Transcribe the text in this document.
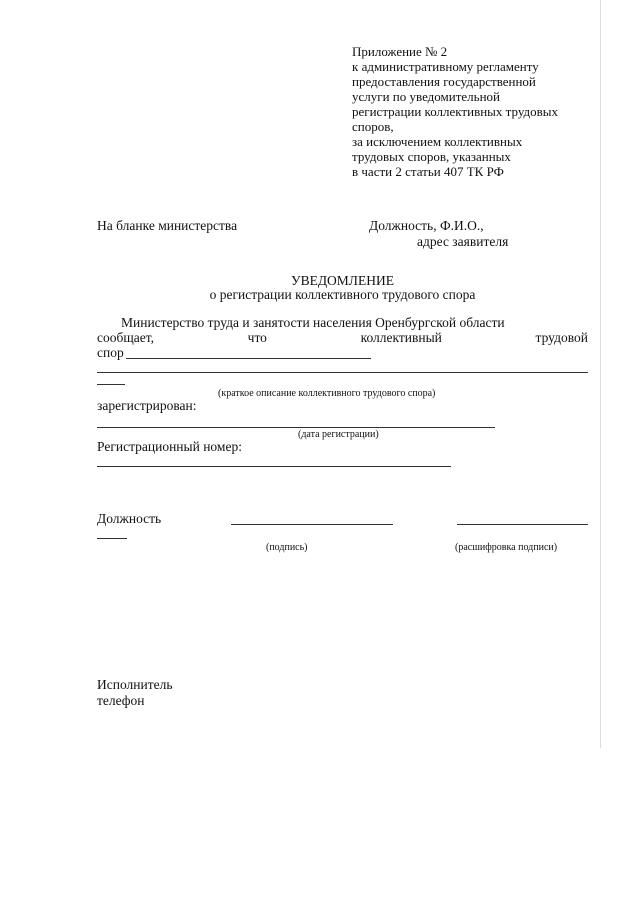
Приложение № 2
к административному регламенту
предоставления государственной
услуги по уведомительной
регистрации коллективных трудовых
споров,
за исключением коллективных
трудовых споров, указанных
в части 2 статьи 407 ТК РФ
На бланке министерства	Должность, Ф.И.О.,
адрес заявителя
УВЕДОМЛЕНИЕ
о регистрации коллективного трудового спора
Министерство труда и занятости населения Оренбургской области
сообщает,	что	коллективный	трудовой
спор
(краткое описание коллективного трудового спора)
зарегистрирован:
(дата регистрации)
Регистрационный номер:
Должность
(подпись)	(расшифровка подписи)
Исполнитель
телефон
